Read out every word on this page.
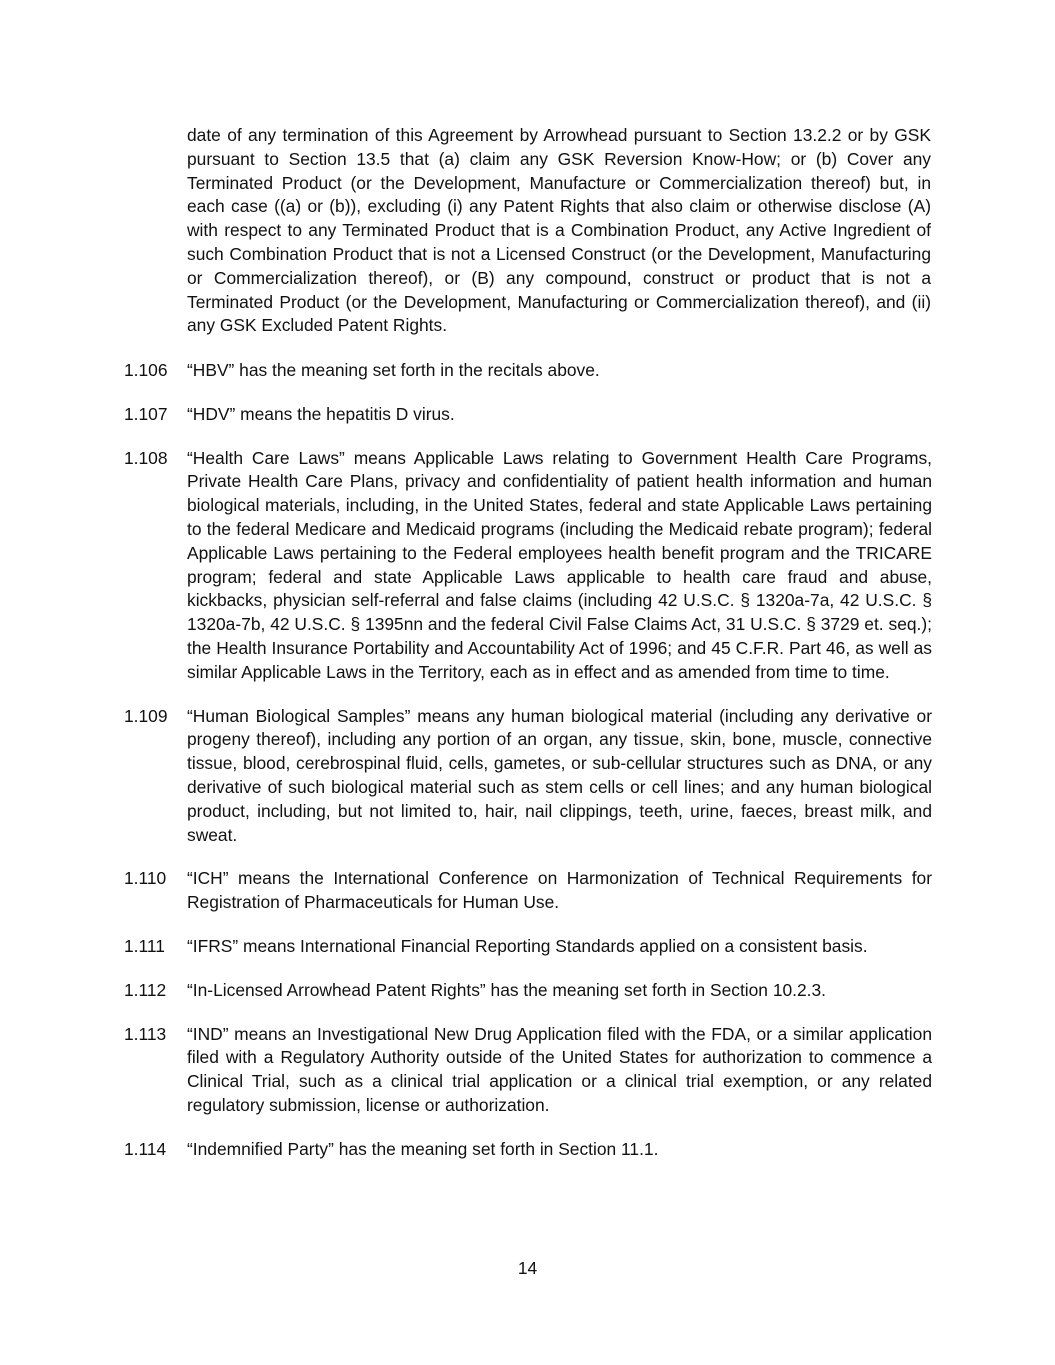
date of any termination of this Agreement by Arrowhead pursuant to Section 13.2.2 or by GSK pursuant to Section 13.5 that (a) claim any GSK Reversion Know-How; or (b) Cover any Terminated Product (or the Development, Manufacture or Commercialization thereof) but, in each case ((a) or (b)), excluding (i) any Patent Rights that also claim or otherwise disclose (A) with respect to any Terminated Product that is a Combination Product, any Active Ingredient of such Combination Product that is not a Licensed Construct (or the Development, Manufacturing or Commercialization thereof), or (B) any compound, construct or product that is not a Terminated Product (or the Development, Manufacturing or Commercialization thereof), and (ii) any GSK Excluded Patent Rights.

1.106	“HBV” has the meaning set forth in the recitals above.
1.107	“HDV” means the hepatitis D virus.
1.108	“Health Care Laws” means Applicable Laws relating to Government Health Care Programs, Private Health Care Plans, privacy and confidentiality of patient health information and human biological materials, including, in the United States, federal and state Applicable Laws pertaining to the federal Medicare and Medicaid programs (including the Medicaid rebate program); federal Applicable Laws pertaining to the Federal employees health benefit program and the TRICARE program; federal and state Applicable Laws applicable to health care fraud and abuse, kickbacks, physician self-referral and false claims (including 42 U.S.C. § 1320a-7a, 42 U.S.C. § 1320a-7b, 42 U.S.C. § 1395nn and the federal Civil False Claims Act, 31 U.S.C. § 3729 et. seq.); the Health Insurance Portability and Accountability Act of 1996; and 45 C.F.R. Part 46, as well as similar Applicable Laws in the Territory, each as in effect and as amended from time to time.
1.109	“Human Biological Samples” means any human biological material (including any derivative or progeny thereof), including any portion of an organ, any tissue, skin, bone, muscle, connective tissue, blood, cerebrospinal fluid, cells, gametes, or sub-cellular structures such as DNA, or any derivative of such biological material such as stem cells or cell lines; and any human biological product, including, but not limited to, hair, nail clippings, teeth, urine, faeces, breast milk, and sweat.
1.110	“ICH” means the International Conference on Harmonization of Technical Requirements for Registration of Pharmaceuticals for Human Use.
1.111	“IFRS” means International Financial Reporting Standards applied on a consistent basis.
1.112	“In-Licensed Arrowhead Patent Rights” has the meaning set forth in Section 10.2.3.
1.113	“IND” means an Investigational New Drug Application filed with the FDA, or a similar application filed with a Regulatory Authority outside of the United States for authorization to commence a Clinical Trial, such as a clinical trial application or a clinical trial exemption, or any related regulatory submission, license or authorization.
1.114	“Indemnified Party” has the meaning set forth in Section 11.1.
14
